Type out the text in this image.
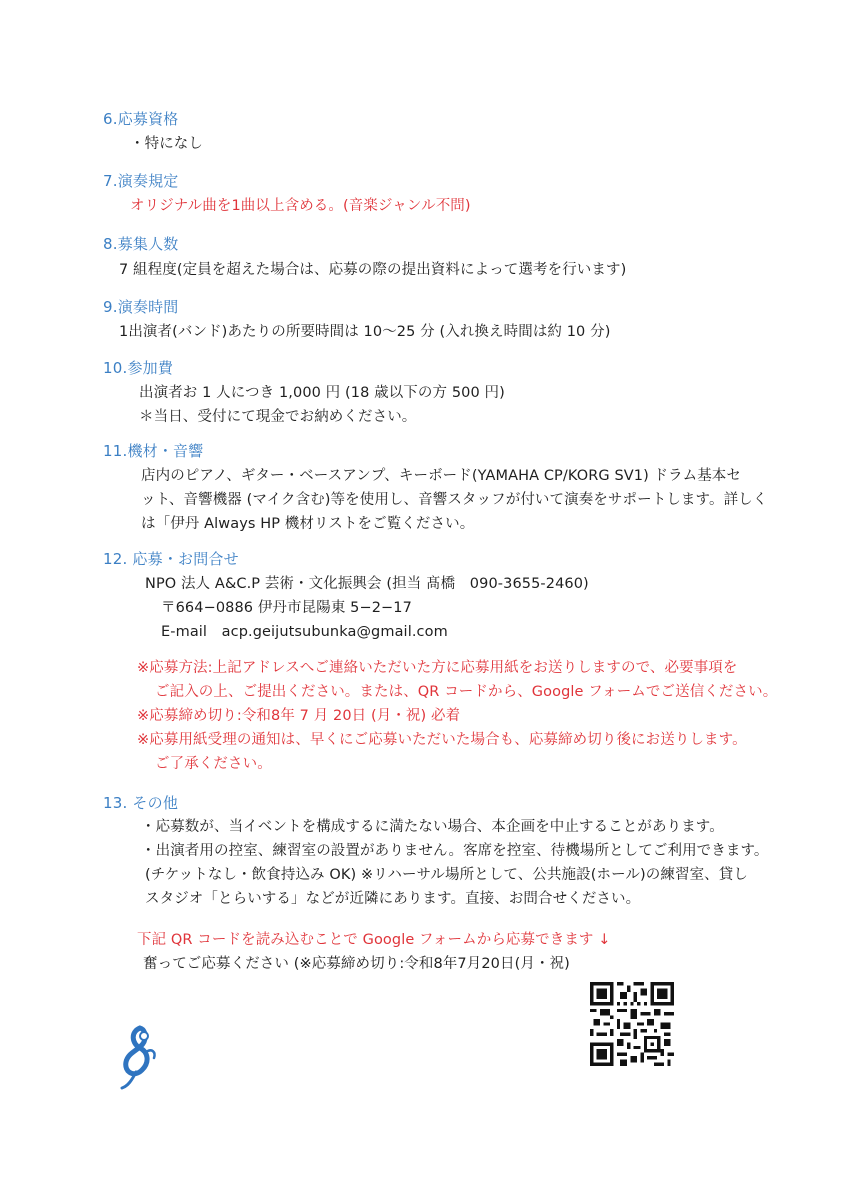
6.応募資格
・特になし
7.演奏規定
オリジナル曲を1曲以上含める。(音楽ジャンル不問)
8.募集人数
7 組程度(定員を超えた場合は、応募の際の提出資料によって選考を行います)
9.演奏時間
1出演者(バンド)あたりの所要時間は 10〜25 分 (入れ換え時間は約 10 分)
10.参加費
出演者お 1 人につき 1,000 円 (18 歳以下の方 500 円)
＊当日、受付にて現金でお納めください。
11.機材・音響
店内のピアノ、ギター・ベースアンプ、キーボード(YAMAHA CP/KORG SV1) ドラム基本セ
ット、音響機器 (マイク含む)等を使用し、音響スタッフが付いて演奏をサポートします。詳しく
は「伊丹 Always HP 機材リストをご覧ください。
12. 応募・お問合せ
NPO 法人 A&C.P 芸術・文化振興会 (担当 髙橋　090-3655-2460)
〒664−0886 伊丹市昆陽東 5−2−17
E-mail　acp.geijutsubunka@gmail.com
※応募方法:上記アドレスへご連絡いただいた方に応募用紙をお送りしますので、必要事項を
ご記入の上、ご提出ください。または、QR コードから、Google フォームでご送信ください。
※応募締め切り:令和8年 7 月 20日 (月・祝) 必着
※応募用紙受理の通知は、早くにご応募いただいた場合も、応募締め切り後にお送りします。
ご了承ください。
13. その他
・応募数が、当イベントを構成するに満たない場合、本企画を中止することがあります。
・出演者用の控室、練習室の設置がありません。客席を控室、待機場所としてご利用できます。
(チケットなし・飲食持込み OK) ※リハーサル場所として、公共施設(ホール)の練習室、貸し
スタジオ「とらいする」などが近隣にあります。直接、お問合せください。
下記 QR コードを読み込むことで Google フォームから応募できます ↓
奮ってご応募ください (※応募締め切り:令和8年7月20日(月・祝)
